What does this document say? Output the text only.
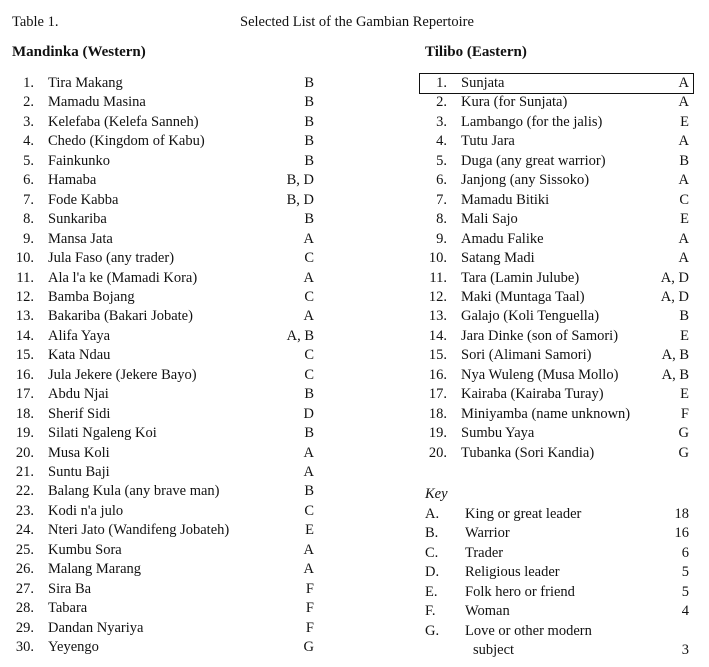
Table 1.	Selected List of the Gambian Repertoire
Mandinka (Western)	Tilibo (Eastern)
1. Tira Makang	B
2. Mamadu Masina	B
3. Kelefaba (Kelefa Sanneh)	B
4. Chedo (Kingdom of Kabu)	B
5. Fainkunko	B
6. Hamaba	B, D
7. Fode Kabba	B, D
8. Sunkariba	B
9. Mansa Jata	A
10. Jula Faso (any trader)	C
11. Ala l'a ke (Mamadi Kora)	A
12. Bamba Bojang	C
13. Bakariba (Bakari Jobate)	A
14. Alifa Yaya	A, B
15. Kata Ndau	C
16. Jula Jekere (Jekere Bayo)	C
17. Abdu Njai	B
18. Sherif Sidi	D
19. Silati Ngaleng Koi	B
20. Musa Koli	A
21. Suntu Baji	A
22. Balang Kula (any brave man)	B
23. Kodi n'a julo	C
24. Nteri Jato (Wandifeng Jobateh)	E
25. Kumbu Sora	A
26. Malang Marang	A
27. Sira Ba	F
28. Tabara	F
29. Dandan Nyariya	F
30. Yeyengo	G
1. Sunjata	A
2. Kura (for Sunjata)	A
3. Lambango (for the jalis)	E
4. Tutu Jara	A
5. Duga (any great warrior)	B
6. Janjong (any Sissoko)	A
7. Mamadu Bitiki	C
8. Mali Sajo	E
9. Amadu Falike	A
10. Satang Madi	A
11. Tara (Lamin Julube)	A, D
12. Maki (Muntaga Taal)	A, D
13. Galajo (Koli Tenguella)	B
14. Jara Dinke (son of Samori)	E
15. Sori (Alimani Samori)	A, B
16. Nya Wuleng (Musa Mollo)	A, B
17. Kairaba (Kairaba Turay)	E
18. Miniyamba (name unknown)	F
19. Sumbu Yaya	G
20. Tubanka (Sori Kandia)	G
Key
A.	King or great leader	18
B.	Warrior	16
C.	Trader	6
D.	Religious leader	5
E.	Folk hero or friend	5
F.	Woman	4
G.	Love or other modern
subject	3
